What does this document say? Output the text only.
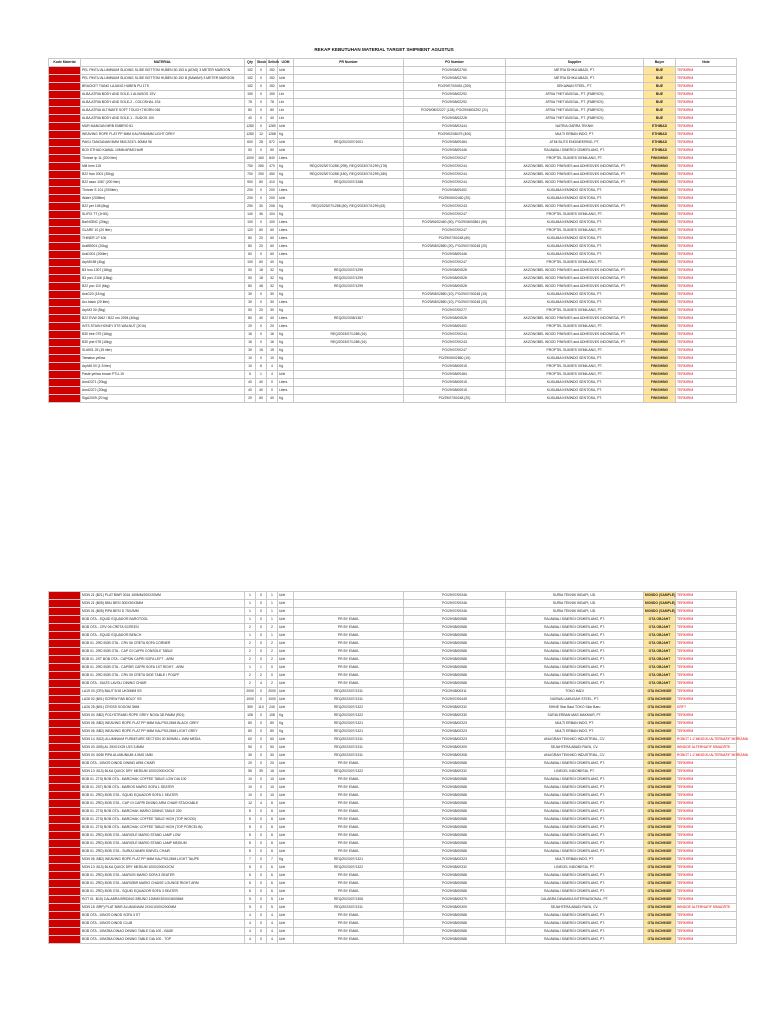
REKAP KEBUTUHAN MATERIAL TARGET SHIPMENT AGUSTUS
Kode Material	MATERIAL	Qty	Stock	Selisih	UOM	PR Number	PO Number	Supplier	Buyer	Note
	PEL PINTU ALUMINIUM SLIDING SLIDE BOTTOM HUBEN 50.153 A (ATAS) 3 METER MAROON	152	0	152	Unit		PO/29/08/02760	METRA DHIKA ABADI, PT.	BUE	TERKIRIM
	PEL PINTU ALUMINIUM SLIDING SLIDE BOTTOM HUBEN 50.152 B (BAWAH) 3 METER MAROON	152	0	152	Unit		PO/29/08/02760	METRA DHIKA ABADI, PT.	BUE	TERKIRIM
	BRACKET TIANG LAJANG HUBEN PU 1TS	152	0	152	Unit		PO/29/07/00451 (200)	SEKAWAN STEEL, PT.	BUE	TERKIRIM
	ALBA ATRIA BODY AND SOLE-1 ALVASOS 1SV	190	0	190	Lbr		PO/29/08/02292	ATRIA THETUNGGAL, PT. (FABRICS)	BUE	TERKIRIM
	ALBA ATRIA BODY AND SOLE-2 - COLOSHAL 1S4	78	0	78	Lbr		PO/29/08/02292	ATRIA THETUNGGAL, PT. (FABRICS)	BUE	TERKIRIM
	ALBA ATRIA ULTIMATE SOFT TOUCH THORN 036	80	0	80	Lbr		PO/29/08/02227 (128), PO/29/08/02292 (21)	ATRIA THETUNGGAL, PT. (FABRICS)	BUE	TERKIRIM
	ALBA ATRIA BODY AND SOLE-1 - SUDOS 100	40	0	40	Lbr		PO/29/08/02228	ATRIA THETUNGGAL, PT. (FABRICS)	BUE	TERKIRIM
	MUR MANGAN MRB EMBRIO 81	1280	0	1280	Unit		PO/29/08/02444	NATRIA GARRA TEKNIK	ETHIBAD	TERKIRIM
	WEAVING ROPE FLAT PP 6MM KALPAN/6MM LIGHT GREY	1280	12	1268	Kg		PO/29/02/08479 (400)	MULTI ERBAN INDO, PT.	ETHIBAD	TERKIRIM
	PAKU TANGANAN 5MM 5M3 2037L 50MM 98	600	28	572	Unit	REQ/2023/07/1001	PO/29/08/00484	ATMI BLITS ENGINEERING, PT.	ETHIBAD	TERKIRIM
	BOX ETHAD KAWAL 10MM ARMCHAIR	50	0	50	Unit		PO/29/08/00446	RAJAWALI SINERGI CEMERLANG, PT.	ETHIBAD	TERKIRIM
	Thinner tp 11 (200 liter)	1000	160	840	Liters		PO/29/07/00247	PROPTEL SUKSES GEMILANG, PT.	FINISHING	TERKIRIM
	Mill Imm 115	750	280	470	Kg	REQ/2023/07/1288 (295), REQ/2023/07/1299 (178)	PO/29/07/00244	AKZONOBEL WOOD FINISHES and ADHESIVES INDONESIA, PT.	FINISHING	TERKIRIM
	B22 fran 2001 (30kg)	700	250	450	Kg	REQ/2023/07/1288 (180), REQ/2023/07/1299 (180)	PO/29/07/00244	AKZONOBEL WOOD FINISHES and ADHESIVES INDONESIA, PT.	FINISHING	TERKIRIM
	B22 asso 1067 (200 liter)	900	80	410	Kg	REQ/2023/07/1288	PO/29/07/00244	AKZONOBEL WOOD FINISHES and ADHESIVES INDONESIA, PT.	FINISHING	TERKIRIM
	Thinner E 101 (200liter)	200	0	200	Liters		PO/29/08/00402	KUDUMA KEMINDO SENTOSA, PT.	FINISHING	TERKIRIM
	Water (200liter)	200	0	200	Unit		PO/29/06/02460 (20)	KUDUMA KEMINDO SENTOSA, PT.	FINISHING	TERKIRIM
	B22 per 108 (6kg)	250	30	206	Kg	REQ/2023/07/1288 (60), REQ/2023/07/1299 (63)	PO/29/07/00243	AKZONOBEL WOOD FINISHES and ADHESIVES INDONESIA, PT.	FINISHING	TERKIRIM
	SLIFIX TT (1HIG)	140	36	104	Kg		PO/29/07/00247	PROPTEL SUKSES GEMILANG, PT.	FINISHING	TERKIRIM
	BarNOBIC (20kg)	100	0	100	Liters		PO/29/06/02460 (50), PO/29/06/02861 (50)	KUDUMA KEMINDO SENTOSA, PT.	FINISHING	TERKIRIM
	GLARE 10 (20 liter)	120	60	60	Liters		PO/29/07/00247	PROPTEL SUKSES GEMILANG, PT.	FINISHING	TERKIRIM
	THINER LP 106	80	20	60	Liters		PO/29/07/00248 (60)	KUDUMA KEMINDO SENTOSA, PT.	FINISHING	TERKIRIM
	AraBB001 (20kg)	80	20	60	Liters		PO/29/08/02880 (20), PO/29/07/00248 (20)	KUDUMA KEMINDO SENTOSA, PT.	FINISHING	TERKIRIM
	AraD001 (20liter)	60	0	60	Liters		PO/29/08/00446	KUDUMA KEMINDO SENTOSA, PT.	FINISHING	TERKIRIM
	ArpMil 88 (4kg)	100	60	40	Kg		PO/29/07/00247	PROPTEL SUKSES GEMILANG, PT.	FINISHING	TERKIRIM
	B3 loro 1307 (18kg)	50	18	32	Kg	REQ/2023/07/1299	PO/29/08/00528	AKZONOBEL WOOD FINISHES and ADHESIVES INDONESIA, PT.	FINISHING	TERKIRIM
	B3 ycrc 2106 (18kg)	50	18	32	Kg	REQ/2023/07/1299	PO/29/08/00528	AKZONOBEL WOOD FINISHES and ADHESIVES INDONESIA, PT.	FINISHING	TERKIRIM
	B22 yno 110 (6kg)	80	48	32	Kg	REQ/2023/07/1299	PO/29/08/00528	AKZONOBEL WOOD FINISHES and ADHESIVES INDONESIA, PT.	FINISHING	TERKIRIM
	AraG20 (18 kg)	30	0	30	Kg		PO/29/08/02880 (10), PO/29/07/00248 (10)	KUDUMA KEMINDO SENTOSA, PT.	FINISHING	TERKIRIM
	Arz.black (20 liter)	30	0	30	Liters		PO/29/08/02880 (10), PO/29/07/00248 (20)	KUDUMA KEMINDO SENTOSA, PT.	FINISHING	TERKIRIM
	ArpM3 30 (5kg)	50	20	30	Kg		PO/29/07/00277	PROPTEL SUKSES GEMILANG, PT.	FINISHING	TERKIRIM
	B22 EVW 2662 / B22 oro 2094 (40kg)	80	40	40	Liters	REQ/2023/08/1367	PO/29/08/00528	AKZONOBEL WOOD FINISHES and ADHESIVES INDONESIA, PT.	FINISHING	TERKIRIM
	INTS STAIN HONEY 5TS WALNUT (20 ltr)	20	0	20	Liters		PO/29/08/00402	PROPTEL SUKSES GEMILANG, PT.	FINISHING	TERKIRIM
	B30 bire 079 (16kg)	16	0	16	Kg	REQ/2023/07/1288 (16)	PO/29/07/00244	AKZONOBEL WOOD FINISHES and ADHESIVES INDONESIA, PT.	FINISHING	TERKIRIM
	B30 yrst 078 (16kg)	16	0	16	Kg	REQ/2023/07/1288 (16)	PO/29/07/00243	AKZONOBEL WOOD FINISHES and ADHESIVES INDONESIA, PT.	FINISHING	TERKIRIM
	SL6501 25 (15 liter)	30	15	15	Kg		PO/29/07/00247	PROPTEL SUKSES GEMILANG, PT.	FINISHING	TERKIRIM
	Tamatus yellow	10	0	10	Kg		PO/29/06/02860 (10)	KUDUMA KEMINDO SENTOSA, PT.	FINISHING	TERKIRIM
	ArpM6 00 (1.5 liter)	10	6	4	Kg		PO/29/08/00515	PROPTEL SUKSES GEMILANG, PT.	FINISHING	TERKIRIM
	Paste yellow brown PTU-19	5	1	4	Unit		PO/29/08/00484	PROPTEL SUKSES GEMILANG, PT.	FINISHING	TERKIRIM
	Amd2371 (20kg)	40	40	0	Liters		PO/29/08/00515	KUDUMA KEMINDO SENTOSA, PT.	FINISHING	TERKIRIM
	Amd2372 (20kg)	40	40	0	Liters		PO/29/08/00515	KUDUMA KEMINDO SENTOSA, PT.	FINISHING	TERKIRIM
	SigA2009 (20 kg)	20	60	40	Kg		PO/29/07/00248 (20)	KUDUMA KEMINDO SENTOSA, PT.	FINISHING	TERKIRIM
	MON 21 (B21) PLAT BWR 3016 150MM/200X20MM	1	0	1	Unit		PO/29/07/00346	SURIA TEKNIK INDAPI, UD.	MONDO (SAMPLE)	TERKIRIM
	MON 21 (B05) 5MU BESI 300X30X3MM	1	0	1	Unit		PO/29/07/00346	SURIA TEKNIK INDAPI, UD.	MONDO (SAMPLE)	TERKIRIM
	MON 01 (B05) PIPA BESI D 75X2MM	1	0	1	Unit		PO/29/07/00346	SURIA TEKNIK INDAPI, UD.	MONDO (SAMPLE)	TERKIRIM
	BOB OTA - SQUID EQUADOR BAROTOOL	1	0	1	Unit	PR BY EMAIL	PO/29/08/00588	RAJAWALI SINERGI CEMERLANG, PT.	OTA OBJAHT	TERKIRIM
	BOB OTA - CRV 06 CRETA SCREEN	2	0	2	Unit	PR BY EMAIL	PO/29/08/00588	RAJAWALI SINERGI CEMERLANG, PT.	OTA OBJAHT	TERKIRIM
	BOB OTA - SQUID EQUADOR BENCH	1	0	1	Unit	PR BY EMAIL	PO/29/08/00588	RAJAWALI SINERGI CEMERLANG, PT.	OTA OBJAHT	TERKIRIM
	BOB 01 .2RD BOB OTA - CRV 06 CRETA SOFA CORNER	2	0	2	Unit	PR BY EMAIL	PO/29/08/00588	RAJAWALI SINERGI CEMERLANG, PT.	OTA OBJAHT	TERKIRIM
	BOB 01 .2RD BOB OTA - CAP GI CAPRI CONSOLE TABLE	2	0	2	Unit	PR BY EMAIL	PO/29/08/00588	RAJAWALI SINERGI CEMERLANG, PT.	OTA OBJAHT	TERKIRIM
	BOB 01 .2ST BOB OTA - CAPSIN CAPRI SOFA LEFT - ARM	2	0	2	Unit	PR BY EMAIL	PO/29/08/00588	RAJAWALI SINERGI CEMERLANG, PT.	OTA OBJAHT	TERKIRIM
	BOB 01 .2RD BOB OTA - CAPSIR CAPRI SOFA 1ST RIGHT - ARM	1	1	0	Unit	PR BY EMAIL	PO/29/08/00588	RAJAWALI SINERGI CEMERLANG, PT.	OTA OBJAHT	TERKIRIM
	BOB 01 .2RD BOB OTA - CRV 09 CRETA SIDE TABLE / POUFF	2	2	0	Unit	PR BY EMAIL	PO/29/08/00588	RAJAWALI SINERGI CEMERLANG, PT.	OTA OBJAHT	TERKIRIM
	BOB OTA - SUIZS LAVOLI DINING CHAIR	2	4	2	Unit	PR BY EMAIL	PO/29/08/00588	RAJAWALI SINERGI CEMERLANG, PT.	OTA OBJAHT	TERKIRIM
	LA19 03 (CRI) BAUT 5/16 UK30MM SS	2000	0	2000	Unit	REQ/2023/07/1311	PO/29/08/00311	TOKO HADI	OTA INCHINDE	TERKIRIM
	LA26 02 (B01) SCREW FAB BOLD" SS	1000	0	1000	Unit	REQ/2023/07/1311	PO/29/07/00449	NUSWA LAMUGAH STEEL, PT.	OTA INCHINDE	TERKIRIM
	LA26 25 (B01) CROSS SOGOM 3MM	350	110	240	Unit	REQ/2023/07/1322	PO/29/08/00332	SHINE Star Baut TOKO Sido Baru	OTA INCHINDE	DRFT
	MON 04 .BB2) POLYSTRAND ROPE GREY NOVA 3D.PAMM (R01)	108	0	108	Kg	REQ/2023/07/1322	PO/29/08/00330	SURIA ERBAN MAS MAKMUR, PT.	OTA INCHINDE	TERKIRIM
	MON 06 .BB2) WEAVING ROPE FLAT PP 6MM KALPS/12MM BLACK GREY	80	0	80	Kg	REQ/2023/07/1321	PO/29/08/00323	MULTI ERBAN INDO, PT.	OTA INCHINDE	TERKIRIM
	MON 06 .BB2) WEAVING ROPE FLAT PP 6MM KALPS/12MM LIGHT GREY	80	0	80	Kg	REQ/2023/07/1321	PO/29/08/00323	MULTI ERBAN INDO, PT.	OTA INCHINDE	TERKIRIM
	MON 14 .BG2) ALUMINIUM FURNITURE SECTION 30 300MM L 1MM MEDIA	60	0	60	Unit	REQ/2023/07/1311	PO/29/08/00323	ANUGRAH TEKNIKO INDUSTRIAL, CV.	OTA INCHINDE	ROBOT 1:2 MINGGU ALTERNATIF MORIZANI
	MON 03 .B05) AL 25X01X25 LSS 3.8MM	50	0	50	Unit	REQ/2023/07/1311	PO/29/08/00309	SEJAHTERA ABADI RAYA, CV.	OTA INCHINDE	WINDOE ALTERNATIF SIMADRTE
	MON 04 .B2BI PIPA ALUMUNIUM 4.0MS 1MM	30	0	30	Unit	REQ/2023/07/1311	PO/29/08/00308	ANUGRAH TEKNIKO INDUSTRIAL, CV.	OTA INCHINDE	ROBOT 1:2 MINGGU ALTERNATIF MORIZANI
	BOB OTA - DINOS DINOD DINING ARM CHAIR	20	0	20	Unit	PR BY EMAIL	PO/29/08/00588	RAJAWALI SINERGI CEMERLANG, PT.	OTA INCHINDE	TERKIRIM
	MON 13 .B13) BLKA QUICK DRY MEDIUM 1000/2000X2CM	55	39	16	Unit	REQ/2023/07/1322	PO/29/08/00332	LINECEL INDONESIA, PT.	OTA INCHINDE	TERKIRIM
	BOB 01 .2TS) BOB OTA - MARCHAK COFFEE TABLE LOW DIA 100	10	0	10	Unit	PR BY EMAIL	PO/29/08/00588	RAJAWALI SINERGI CEMERLANG, PT.	OTA INCHINDE	TERKIRIM
	BOB 01 .2ST) BOB OTA - MARIOS MARIO SOFA 1 SEATER	10	0	10	Unit	PR BY EMAIL	PO/29/08/00588	RAJAWALI SINERGI CEMERLANG, PT.	OTA INCHINDE	TERKIRIM
	BOB 01 .2RD) BOB OTA - SQUID EQUADOR SOFA 1 SEATER	10	0	10	Unit	PR BY EMAIL	PO/29/08/00588	RAJAWALI SINERGI CEMERLANG, PT.	OTA INCHINDE	TERKIRIM
	BOB 01 .2RD) BOB OTA - CAP GI CAPRI DINING ARM CHAIR STACKABLE	12	4	8	Unit	PR BY EMAIL	PO/29/08/00588	RAJAWALI SINERGI CEMERLANG, PT.	OTA INCHINDE	TERKIRIM
	BOB 01 .2TS) BOB OTA - MARCHAK MARIO DINING TABLE 200	8	0	8	Unit	PR BY EMAIL	PO/29/08/00588	RAJAWALI SINERGI CEMERLANG, PT.	OTA INCHINDE	TERKIRIM
	BOB 01 .2TS) BOB OTA - MARCHAK COFFEE TABLE HIGH (TOP WOOD)	8	0	8	Unit	PR BY EMAIL	PO/29/08/00588	RAJAWALI SINERGI CEMERLANG, PT.	OTA INCHINDE	TERKIRIM
	BOB 01 .2TS) BOB OTA - MARCHAK COFFEE TABLE HIGH (TOP PORCELIN)	8	0	8	Unit	PR BY EMAIL	PO/29/08/00588	RAJAWALI SINERGI CEMERLANG, PT.	OTA INCHINDE	TERKIRIM
	BOB 01 .2RD) BOB OTA - MARIOLE MARIO STAND LAMP LOW	8	0	8	Unit	PR BY EMAIL	PO/29/08/00588	RAJAWALI SINERGI CEMERLANG, PT.	OTA INCHINDE	TERKIRIM
	BOB 01 .2RD) BOB OTA - MARIOLE MARIO STAND LAMP MEDIUM	8	0	8	Unit	PR BY EMAIL	PO/29/08/00588	RAJAWALI SINERGI CEMERLANG, PT.	OTA INCHINDE	TERKIRIM
	BOB 01 .2RD) BOB OTA - SURIA DANIRI SWIVEL CHAIR	8	0	8	Unit	PR BY EMAIL	PO/29/08/00588	RAJAWALI SINERGI CEMERLANG, PT.	OTA INCHINDE	TERKIRIM
	MON 06 .BB2) WEAVING ROPE FLAT PP 6MM KALPS/12MM LIGHT TAUPE	7	0	7	Kg	REQ/2023/07/1321	PO/29/08/00323	MULTI ERBAN INDO, PT.	OTA INCHINDE	TERKIRIM
	MON 13 .B13) BLKA QUICK DRY MEDIUM 1000/2000X2CM	6	0	6	Unit	REQ/2023/07/1322	PO/29/08/00332	LINECEL INDONESIA, PT.	OTA INCHINDE	TERKIRIM
	BOB 01 .2RD) BOB OTA - MARIOS MARIO SOFA 3 SEATER	6	0	6	Unit	PR BY EMAIL	PO/29/08/00588	RAJAWALI SINERGI CEMERLANG, PT.	OTA INCHINDE	TERKIRIM
	BOB 01 .2RD) BOB OTA - MARIOBR MARIO CHAISE LOUNGE RIGHT ARM	6	0	6	Unit	PR BY EMAIL	PO/29/08/00588	RAJAWALI SINERGI CEMERLANG, PT.	OTA INCHINDE	TERKIRIM
	BOB 01 .2RD) BOB OTA - SQUID EQUADOR SOFA 3 SEATER	6	0	6	Unit	PR BY EMAIL	PO/29/08/00588	RAJAWALI SINERGI CEMERLANG, PT.	OTA INCHINDE	TERKIRIM
	ROT 01 .B15) CALABRA BRIDING BRUNO 12MMX3000X3600MM	5	0	5	Lbr	REQ/2023/07/1306	PO/29/08/00379	CALABRA DINAMIKA INTERNASIONAL, PT.	OTA INCHINDE	TERKIRIM
	MON 18 .BRP) PLAT BWR ALUMUNIUM 2X0X1000X2000MM	5	0	5	Unit	REQ/2023/07/1311	PO/29/08/00309	SEJAHTERA ABADI RAYA, CV.	OTA INCHINDE	WINDOE ALTERNATIF SIMADRTE
	BOB OTA - DINOS DINOD SOFA 3 ST	4	0	4	Unit	PR BY EMAIL	PO/29/08/00588	RAJAWALI SINERGI CEMERLANG, PT.	OTA INCHINDE	TERKIRIM
	BOB OTA - DINOS DINOD CLUB	4	0	4	Unit	PR BY EMAIL	PO/29/08/00588	RAJAWALI SINERGI CEMERLANG, PT.	OTA INCHINDE	TERKIRIM
	BOB OTA - DINOBA DINAO DINING TABLE DIA 100 - BASE	4	0	4	Unit	PR BY EMAIL	PO/29/08/00588	RAJAWALI SINERGI CEMERLANG, PT.	OTA INCHINDE	TERKIRIM
	BOB OTA - DINOBA DINAO DINING TABLE DIA 100 - TOP	4	0	4	Unit	PR BY EMAIL	PO/29/08/00588	RAJAWALI SINERGI CEMERLANG, PT.	OTA INCHINDE	TERKIRIM
